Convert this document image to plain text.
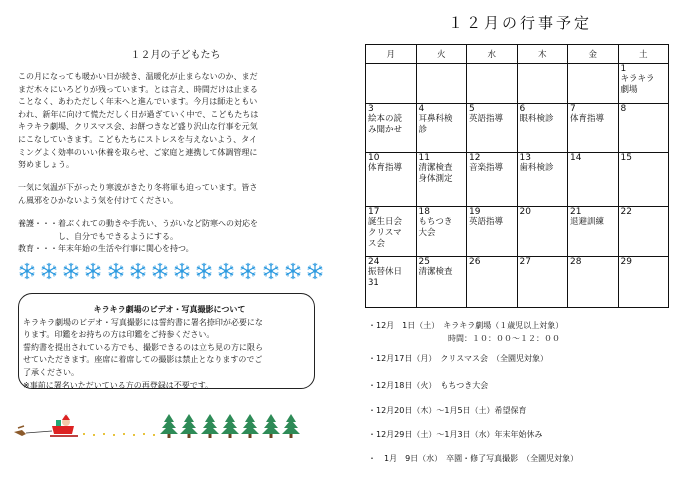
１２月の子どもたち

この月になっても暖かい日が続き、温暖化が止まらないのか、まだ

まだ木々にいろどりが残っています。とは言え、時間だけは止まる

ことなく、あわただしく年末へと進んでいます。今月は師走ともい

われ、新年に向けて慌ただしく日が過ぎていく中で、こどもたちは

キラキラ劇場、クリスマス会、お餅つきなど盛り沢山な行事を元気

にこなしていきます。こどもたちにストレスを与えないよう、タイ

ミングよく効率のいい休養を取らせ、ご家庭と連携して体調管理に

努めましょう。

一気に気温が下がったり寒波がきたり冬将軍も迫っています。皆さ
ん風邪をひかないよう気を付けてください。
養護・・・ 着ぶくれての動きや手洗い、うがいなど防寒への対応を
し、自分でもできるようにする。
教育・・・ 年末年始の生活や行事に関心を持つ。
キラキラ劇場のビデオ・写真撮影について

キラキラ劇場のビデオ・写真撮影には誓約書に署名捺印が必要にな

ります。印鑑をお持ちの方は印鑑をご持参ください。

誓約書を提出されている方でも、撮影できるのは立ち見の方に限ら

せていただきます。座席に着席しての撮影は禁止となりますのでご

了承ください。

※事前に署名いただいている方の再登録は不要です。

１２月の行事予定
月	火	水	木	金	土

					1
キラキラ
劇場

3
絵本の読
み聞かせ	4
耳鼻科検
診	5
英語指導	6
眼科検診	7
体育指導	8

10
体育指導	11
清潔検査
身体測定	12
音楽指導	13
歯科検診	14	15

17
誕生日会
クリスマ
ス会	18
もちつき
大会	19
英語指導	20	21
退避訓練	22

24
振替休日
31	25
清潔検査	26	27	28	29
・12月　1日（土）　キラキラ劇場（１歳児以上対象）
　　　　　　　　　　時間：１０：００～１２：００
・12月17日（月）　クリスマス会　（全園児対象）
・12月18日（火）　もちつき大会
・12月20日（木）～1月5日（土）希望保育
・12月29日（土）～1月3日（水）年末年始休み
・　1月　9日（水）　卒園・修了写真撮影　（全園児対象）
